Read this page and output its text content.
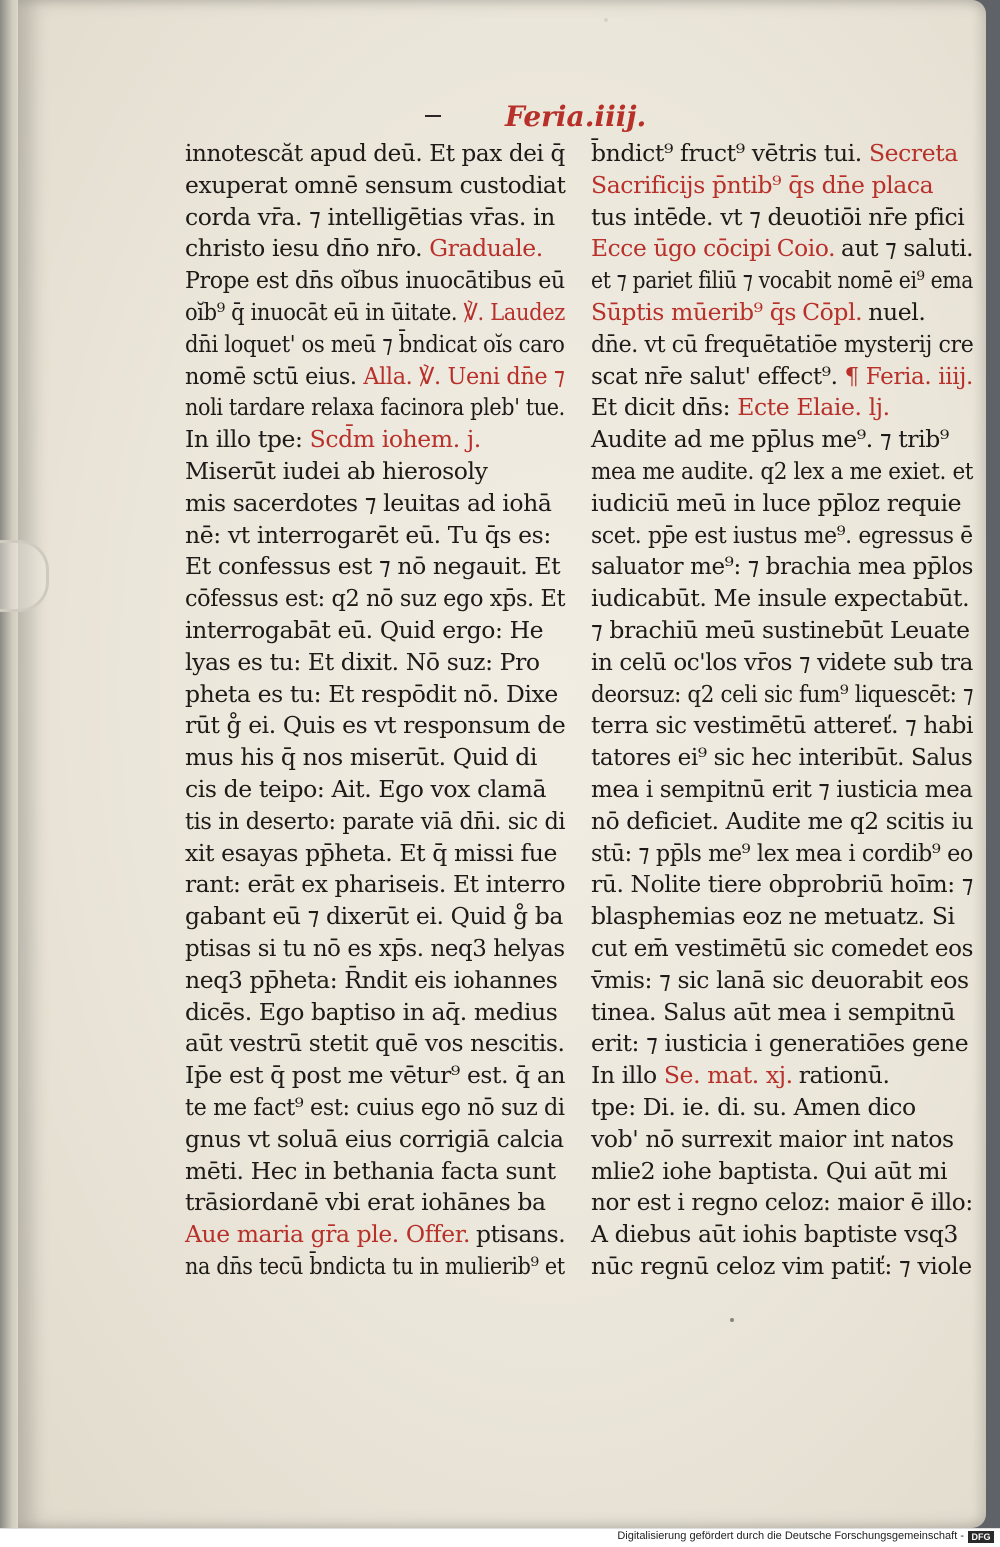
Feria.iiij.
innotescăt apud deū. Et pax dei q̄
exuperat omnē sensum custodiat
corda vr̄a. ⁊ intelligētias vr̄as. in
christo iesu dn̄o nr̄o. Graduale.
Prope est dn̄s oĭbus inuocātibus eū
oĭb⁹ q̄ inuocāt eū in ūitate. ℣. Laudez
dn̄i loquet' os meū ⁊ b̄ndicat oĭs caro
nomē sctū eius. Alla. ℣. Ueni dn̄e ⁊
noli tardare relaxa facinora pleb' tue.
In illo tpe: Scd̄m iohem. j.
Miserūt iudei ab hierosoly
mis sacerdotes ⁊ leuitas ad iohā
nē: vt interrogarēt eū. Tu q̄s es:
Et confessus est ⁊ nō negauit. Et
cōfessus est: q2 nō suz ego xp̄s. Et
interrogabāt eū. Quid ergo: He
lyas es tu: Et dixit. Nō suz: Pro
pheta es tu: Et respōdit nō. Dixe
rūt g̊ ei. Quis es vt responsum de
mus his q̄ nos miserūt. Quid di
cis de teipo: Ait. Ego vox clamā
tis in deserto: parate viā dn̄i. sic di
xit esayas pp̄heta. Et q̄ missi fue
rant: erāt ex phariseis. Et interro
gabant eū ⁊ dixerūt ei. Quid g̊ ba
ptisas si tu nō es xp̄s. neq3 helyas
neq3 pp̄heta: R̄ndit eis iohannes
dicēs. Ego baptiso in aq̄. medius
aūt vestrū stetit quē vos nescitis.
Ip̄e est q̄ post me vētur⁹ est. q̄ an
te me fact⁹ est: cuius ego nō suz di
gnus vt soluā eius corrigiā calcia
mēti. Hec in bethania facta sunt
trāsiordanē vbi erat iohānes ba
Aue maria gr̄a ple. Offer. ptisans.
na dn̄s tecū b̄ndicta tu in mulierib⁹ et
b̄ndict⁹ fruct⁹ vētris tui. Secreta
Sacrificijs p̄ntib⁹ q̄s dn̄e placa
tus intēde. vt ⁊ deuotiōi nr̄e pfici
Ecce ūgo cōcipi Coio. aut ⁊ saluti.
et ⁊ pariet filiū ⁊ vocabit nomē ei⁹ ema
Sūptis mūerib⁹ q̄s Cōpl. nuel.
dn̄e. vt cū frequētatiōe mysterij cre
scat nr̄e salut' effect⁹. ¶ Feria. iiij.
Et dicit dn̄s: Ecte Elaie. lj.
Audite ad me pp̄lus me⁹. ⁊ trib⁹
mea me audite. q2 lex a me exiet. et
iudiciū meū in luce pp̄loz requie
scet. pp̄e est iustus me⁹. egressus ē
saluator me⁹: ⁊ brachia mea pp̄los
iudicabūt. Me insule expectabūt.
⁊ brachiū meū sustinebūt Leuate
in celū oc'los vr̄os ⁊ videte sub tra
deorsuz: q2 celi sic fum⁹ liquescēt: ⁊
terra sic vestimētū attereť. ⁊ habi
tatores ei⁹ sic hec interibūt. Salus
mea i sempitnū erit ⁊ iusticia mea
nō deficiet. Audite me q2 scitis iu
stū: ⁊ pp̄ls me⁹ lex mea i cordib⁹ eo
rū. Nolite tiere obprobriū hoīm: ⁊
blasphemias eoz ne metuatz. Si
cut em̄ vestimētū sic comedet eos
v̄mis: ⁊ sic lanā sic deuorabit eos
tinea. Salus aūt mea i sempitnū
erit: ⁊ iusticia i generatiōes gene
In illo Se. mat. xj. rationū.
tpe: Di. ie. di. su. Amen dico
vob' nō surrexit maior int natos
mlie2 iohe baptista. Qui aūt mi
nor est i regno celoz: maior ē illo:
A diebus aūt iohis baptiste vsq3
nūc regnū celoz vim patiť: ⁊ viole
Digitalisierung gefördert durch die Deutsche Forschungsgemeinschaft - DFG
